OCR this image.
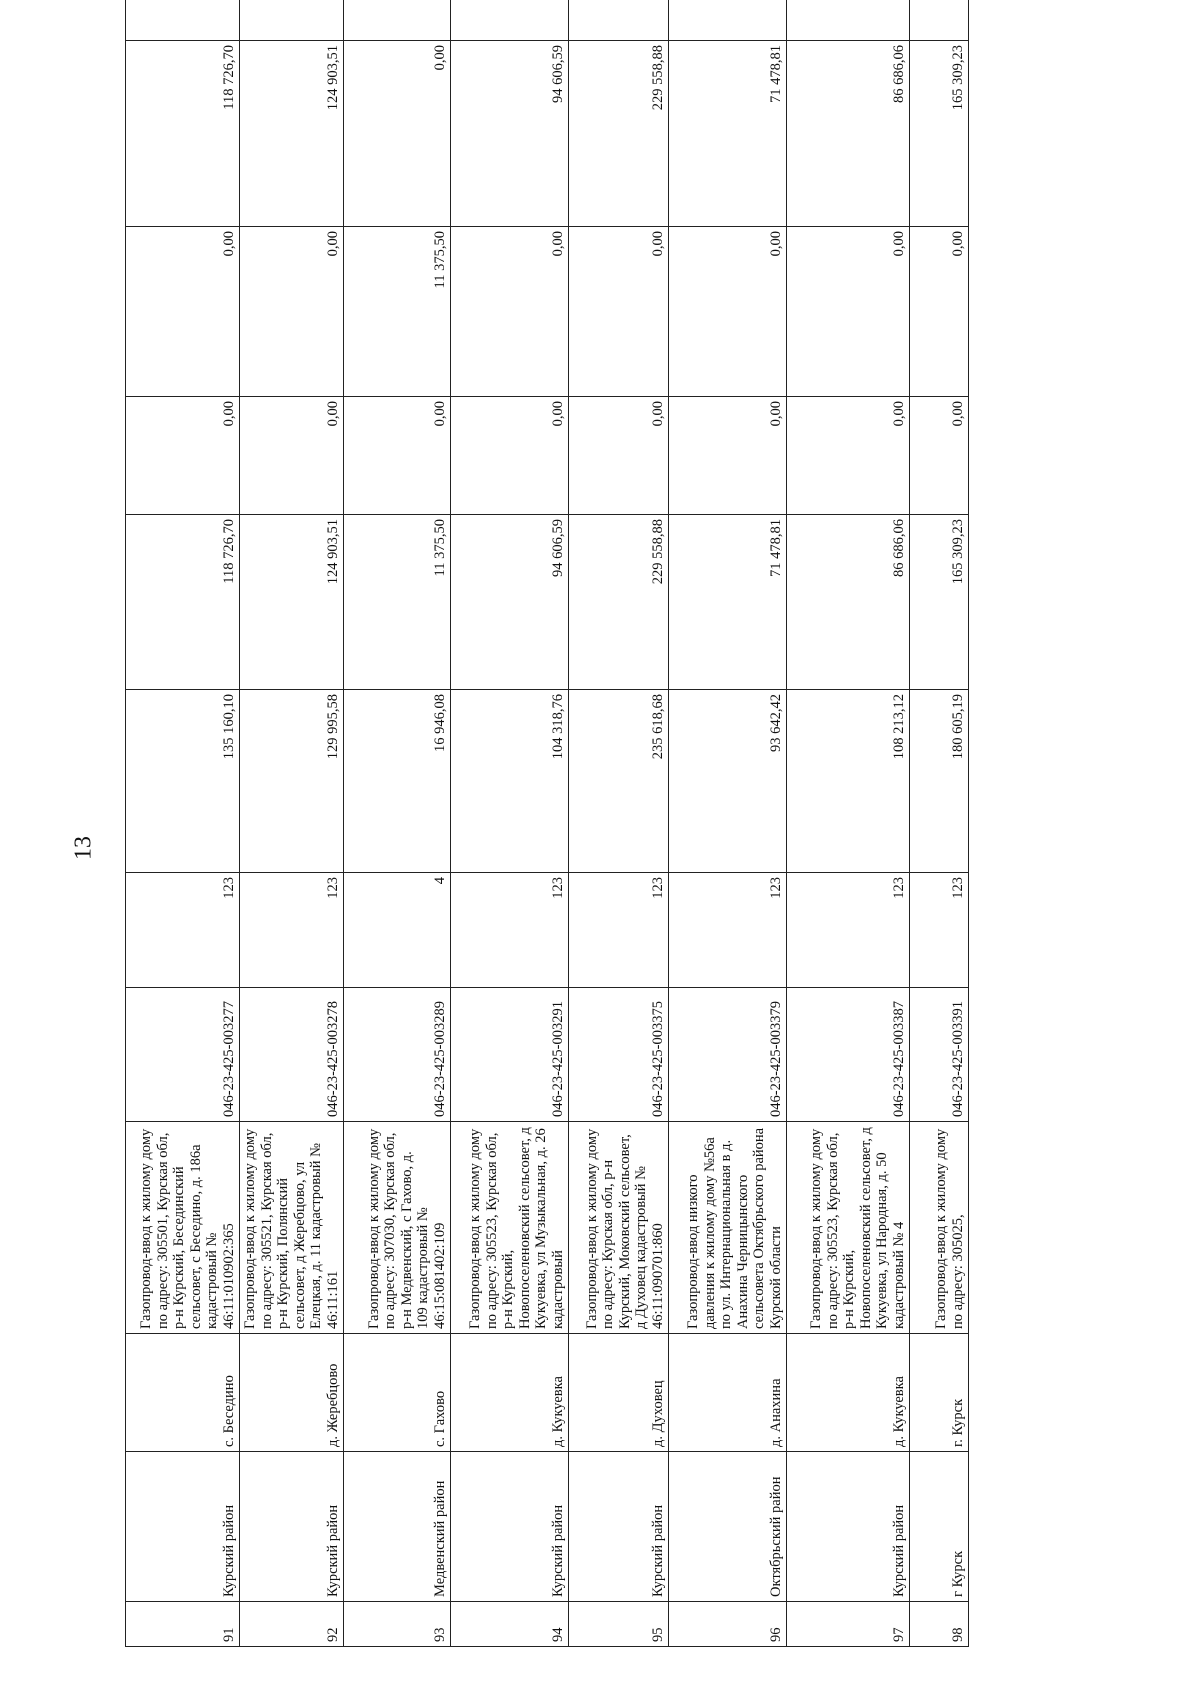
13
91	Курский район	с. Беседино	Газопровод-ввод к жилому дому по адресу: 305501, Курская обл, р-н Курский, Бесединский сельсовет, с Беседино, д. 186а кадастровый № 46:11:010902:365	046-23-425-003277	123	135 160,10	118 726,70	0,00	0,00	118 726,70	
92	Курский район	д. Жеребцово	Газопровод-ввод к жилому дому по адресу: 305521, Курская обл, р-н Курский, Полянский сельсовет, д Жеребцово, ул Елецкая, д. 11 кадастровый № 46:11:161	046-23-425-003278	123	129 995,58	124 903,51	0,00	0,00	124 903,51	
93	Медвенский район	с. Гахово	Газопровод-ввод к жилому дому по адресу: 307030, Курская обл, р-н Медвенский, с Гахово, д. 109 кадастровый № 46:15:081402:109	046-23-425-003289	4	16 946,08	11 375,50	0,00	11 375,50	0,00	
94	Курский район	д. Кукуевка	Газопровод-ввод к жилому дому по адресу: 305523, Курская обл, р-н Курский, Новопоселеновский сельсовет, д Кукуевка, ул Музыкальная, д. 26 кадастровый	046-23-425-003291	123	104 318,76	94 606,59	0,00	0,00	94 606,59	
95	Курский район	д. Духовец	Газопровод-ввод к жилому дому по адресу: Курская обл, р-н Курский, Моковский сельсовет, д Духовец кадастровый № 46:11:090701:860	046-23-425-003375	123	235 618,68	229 558,88	0,00	0,00	229 558,88	
96	Октябрьский район	д. Анахина	Газопровод-ввод низкого давления к жилому дому №56а по ул. Интернациональная в д. Анахина Черницынского сельсовета Октябрьского района Курской области	046-23-425-003379	123	93 642,42	71 478,81	0,00	0,00	71 478,81	
97	Курский район	д. Кукуевка	Газопровод-ввод к жилому дому по адресу: 305523, Курская обл, р-н Курский, Новопоселеновский сельсовет, д Кукуевка, ул Народная, д. 50 кадастровый № 4	046-23-425-003387	123	108 213,12	86 686,06	0,00	0,00	86 686,06	
98	г Курск	г. Курск	Газопровод-ввод к жилому дому по адресу: 305025,	046-23-425-003391	123	180 605,19	165 309,23	0,00	0,00	165 309,23	
